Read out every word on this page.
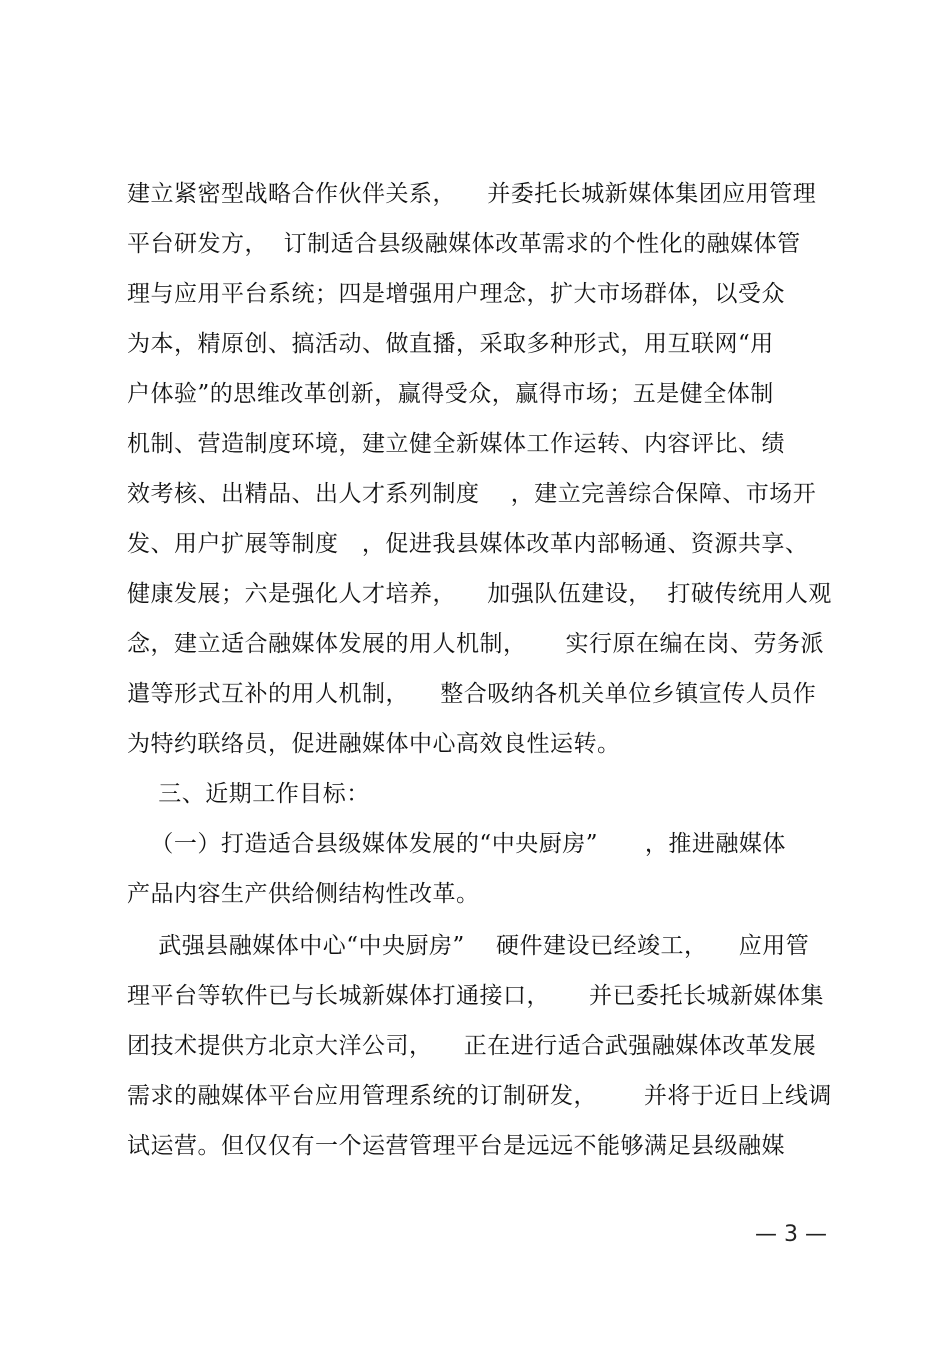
建立紧密型战略合作伙伴关系，    并委托长城新媒体集团应用管理
平台研发方，  订制适合县级融媒体改革需求的个性化的融媒体管
理与应用平台系统；四是增强用户理念，扩大市场群体，以受众
为本，精原创、搞活动、做直播，采取多种形式，用互联网“用
户体验”的思维改革创新，赢得受众，赢得市场；五是健全体制
机制、营造制度环境，建立健全新媒体工作运转、内容评比、绩
效考核、出精品、出人才系列制度    ，建立完善综合保障、市场开
发、用户扩展等制度   ，促进我县媒体改革内部畅通、资源共享、
健康发展；六是强化人才培养，    加强队伍建设，  打破传统用人观
念，建立适合融媒体发展的用人机制，     实行原在编在岗、劳务派
遣等形式互补的用人机制，    整合吸纳各机关单位乡镇宣传人员作
为特约联络员，促进融媒体中心高效良性运转。
三、近期工作目标：
（一）打造适合县级媒体发展的“中央厨房”      ，推进融媒体
产品内容生产供给侧结构性改革。
武强县融媒体中心“中央厨房”    硬件建设已经竣工，    应用管
理平台等软件已与长城新媒体打通接口，     并已委托长城新媒体集
团技术提供方北京大洋公司，    正在进行适合武强融媒体改革发展
需求的融媒体平台应用管理系统的订制研发，      并将于近日上线调
试运营。但仅仅有一个运营管理平台是远远不能够满足县级融媒
— 3 —
